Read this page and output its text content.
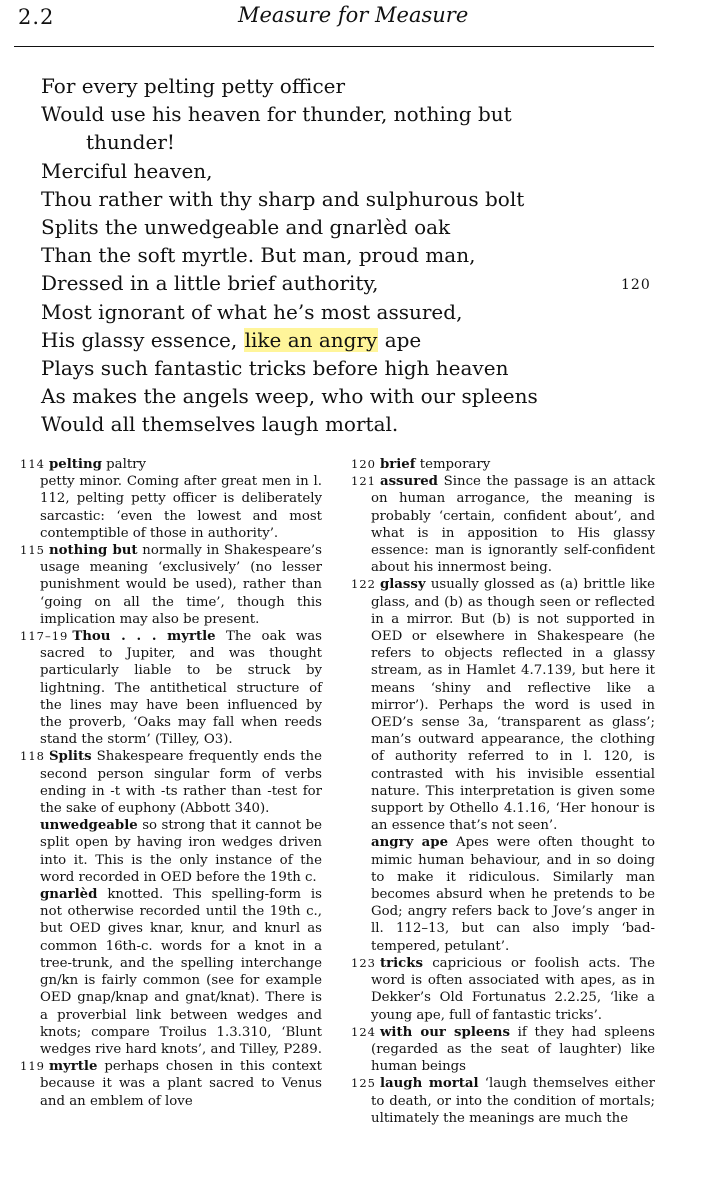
2.2	Measure for Measure
For every pelting petty officer
Would use his heaven for thunder, nothing but
thunder!
Merciful heaven,
Thou rather with thy sharp and sulphurous bolt
Splits the unwedgeable and gnarlèd oak
Than the soft myrtle. But man, proud man,
Dressed in a little brief authority,	120
Most ignorant of what he’s most assured,
His glassy essence, like an angry ape
Plays such fantastic tricks before high heaven
As makes the angels weep, who with our spleens
Would all themselves laugh mortal.

114 pelting paltry

petty minor. Coming after great men in l. 112, pelting petty officer is deliberately sarcastic: ‘even the lowest and most contemptible of those in authority’.

115 nothing but normally in Shakespeare’s usage meaning ‘exclusively’ (no lesser punishment would be used), rather than ‘going on all the time’, though this implication may also be present.

117–19 Thou . . . myrtle The oak was sacred to Jupiter, and was thought particularly liable to be struck by lightning. The antithetical structure of the lines may have been influenced by the proverb, ‘Oaks may fall when reeds stand the storm’ (Tilley, O3).

118 Splits Shakespeare frequently ends the second person singular form of verbs ending in -t with -ts rather than -test for the sake of euphony (Abbott 340).

unwedgeable so strong that it cannot be split open by having iron wedges driven into it. This is the only instance of the word recorded in OED before the 19th c.

gnarlèd knotted. This spelling-form is not otherwise recorded until the 19th c., but OED gives knar, knur, and knurl as common 16th-c. words for a knot in a tree-trunk, and the spelling interchange gn/kn is fairly common (see for example OED gnap/knap and gnat/knat). There is a proverbial link between wedges and knots; compare Troilus 1.3.310, ‘Blunt wedges rive hard knots’, and Tilley, P289.

119 myrtle perhaps chosen in this context because it was a plant sacred to Venus and an emblem of love

120 brief temporary

121 assured Since the passage is an attack on human arrogance, the meaning is probably ‘certain, confident about’, and what is in apposition to His glassy essence: man is ignorantly self-confident about his innermost being.

122 glassy usually glossed as (a) brittle like glass, and (b) as though seen or reflected in a mirror. But (b) is not supported in OED or elsewhere in Shakespeare (he refers to objects reflected in a glassy stream, as in Hamlet 4.7.139, but here it means ‘shiny and reflective like a mirror’). Perhaps the word is used in OED’s sense 3a, ‘transparent as glass’; man’s outward appearance, the clothing of authority referred to in l. 120, is contrasted with his invisible essential nature. This interpretation is given some support by Othello 4.1.16, ‘Her honour is an essence that’s not seen’.

angry ape Apes were often thought to mimic human behaviour, and in so doing to make it ridiculous. Similarly man becomes absurd when he pretends to be God; angry refers back to Jove’s anger in ll. 112–13, but can also imply ‘bad-tempered, petulant’.

123 tricks capricious or foolish acts. The word is often associated with apes, as in Dekker’s Old Fortunatus 2.2.25, ‘like a young ape, full of fantastic tricks’.

124 with our spleens if they had spleens (regarded as the seat of laughter) like human beings

125 laugh mortal ‘laugh themselves either to death, or into the condition of mortals; ultimately the meanings are much the
